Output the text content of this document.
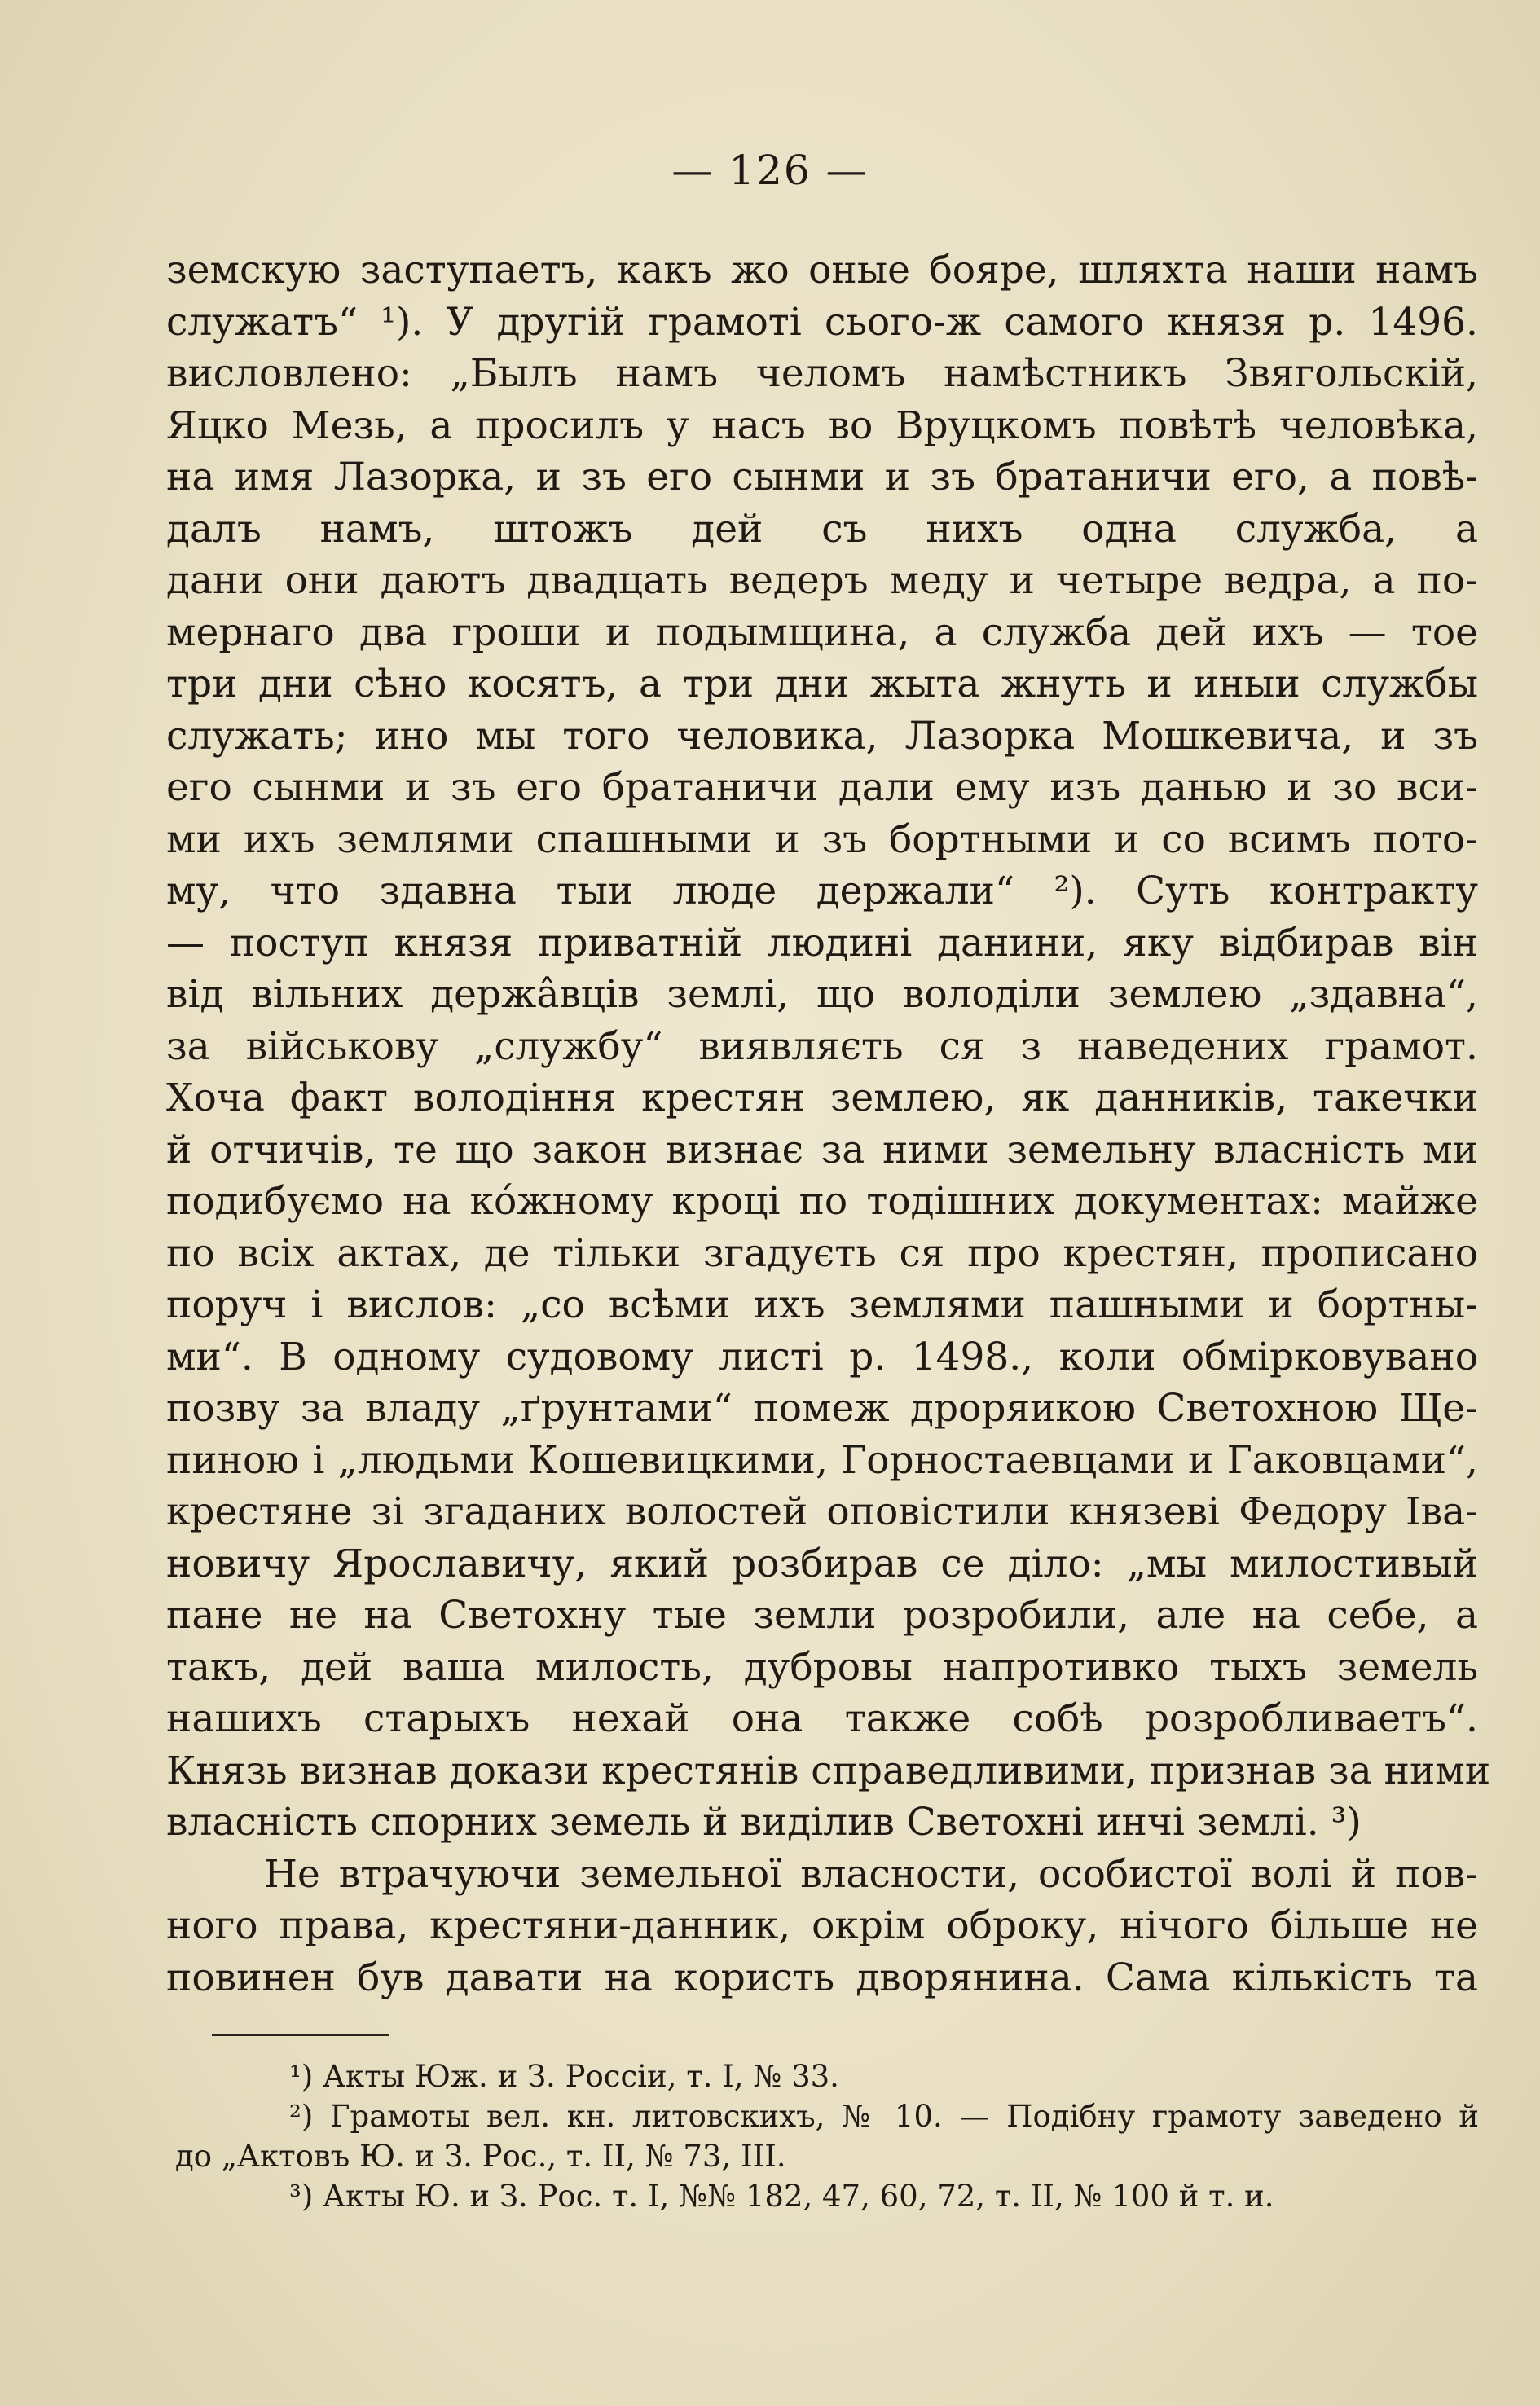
— 126 —
земскую заступаетъ, какъ жо оныe бояре, шляхта наши намъ
служатъ“ ¹). У другій грамоті сього-ж самого князя р. 1496.
висловлено: „Былъ намъ челомъ намѣстникъ Звягольскій,
Яцко Мезь, а просилъ у насъ во Вруцкомъ повѣтѣ человѣка,
на имя Лазорка, и зъ его сынми и зъ братаничи его, а повѣ-
далъ намъ, штожъ дей съ нихъ одна служба, а
дани они даютъ двадцать ведеръ меду и четыре ведра, а по-
мернаго два гроши и подымщина, а служба дей ихъ — тое
три дни сѣно косятъ, а три дни жыта жнуть и иныи службы
служать; ино мы того человика, Лазорка Мошкевича, и зъ
его сынми и зъ его братаничи дали ему изъ данью и зо вси-
ми ихъ землями спашными и зъ бортными и со всимъ пото-
му, что здавна тыи люде держали“ ²). Суть контракту
— поступ князя приватній людині данини, яку відбирав він
від вільних держâвців землі, що володіли землею „здавна“,
за військову „службу“ виявляєть ся з наведених грамот.
Хоча факт володіння крестян землею, як данників, такечки
й отчичів, те що закон визнає за ними земельну власність ми
подибуємо на кóжному кроці по тодішних документах: майже
по всіх актах, де тільки згадуєть ся про крестян, прописано
поруч і вислов: „со всѣми ихъ землями пашными и бортны-
ми“. В одному судовому листі р. 1498., коли обмірковувано
позву за владу „ґрунтами“ помеж дроряикою Светохною Ще-
пиною і „людьми Кошевицкими, Горностаевцами и Гаковцами“,
крестяне зі згаданих волостей оповістили князеві Федору Іва-
новичу Ярославичу, який розбирав се діло: „мы милостивый
пане не на Светохну тые земли розробили, але на себе, а
такъ, дей ваша милость, дубровы напротивко тыхъ земель
нашихъ старыхъ нехай она также собѣ розробливаетъ“.
Князь визнав докази крестянів справедливими, признав за ними
власність спорних земель й виділив Светохні инчі землі. ³)
Не втрачуючи земельної власности, особистої волі й пов-
ного права, крестяни-данник, окрім оброку, нічого більше не
повинен був давати на користь дворянина. Сама кількість та
¹) Акты Юж. и З. Россіи, т. I, № 33.
²) Грамоты вел. кн. литовскихъ, № 10. — Подібну грамоту заведено й
до „Актовъ Ю. и З. Рос., т. II, № 73, III.
³) Акты Ю. и З. Рос. т. I, №№ 182, 47, 60, 72, т. II, № 100 й т. и.
